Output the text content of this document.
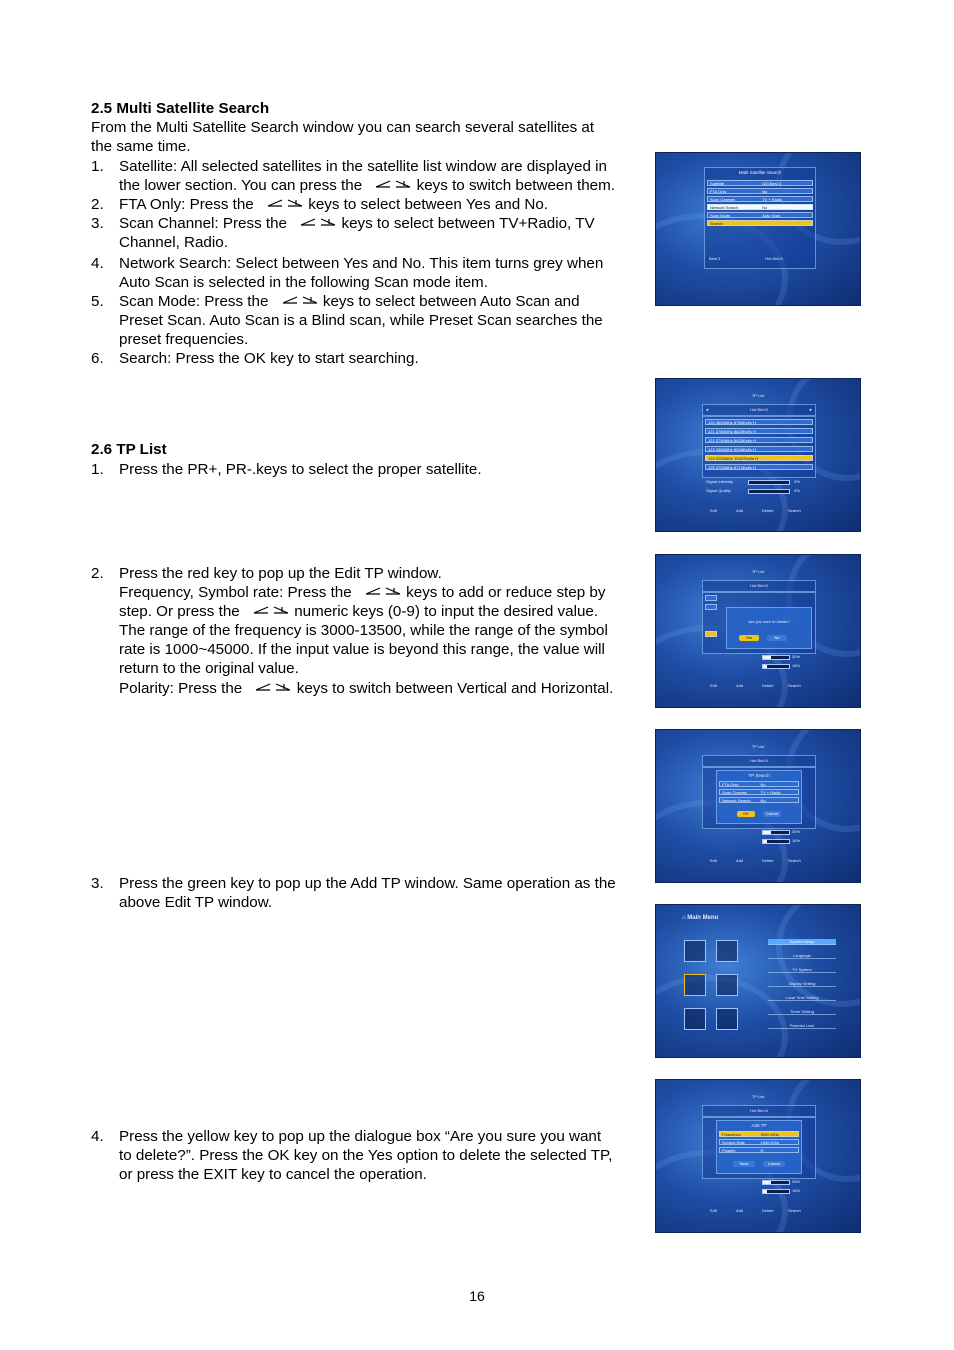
2.5 Multi Satellite Search
From the Multi Satellite Search window you can search several satellites at
the same time.
1. Satellite: All selected satellites in the satellite list window are displayed in
the lower section. You can press the	keys to switch between them.
2. FTA Only: Press the	keys to select between Yes and No.
3. Scan Channel: Press the	keys to select between TV+Radio, TV
Channel, Radio.
4. Network Search: Select between Yes and No. This item turns grey when
Auto Scan is selected in the following Scan mode item.
5. Scan Mode: Press the	keys to select between Auto Scan and
Preset Scan. Auto Scan is a Blind scan, while Preset Scan searches the
preset frequencies.
6. Search: Press the OK key to start searching.
2.6 TP List
1. Press the PR+, PR-.keys to select the proper satellite.
2. Press the red key to pop up the Edit TP window.
Frequency, Symbol rate: Press the	keys to add or reduce step by
step. Or press the	numeric keys (0-9) to input the desired value.
The range of the frequency is 3000-13500, while the range of the symbol
rate is 1000~45000. If the input value is beyond this range, the value will
return to the original value.
Polarity: Press the	keys to switch between Vertical and Horizontal.
3. Press the green key to pop up the Add TP window. Same operation as the
above Edit TP window.
4. Press the yellow key to pop up the dialogue box “Are you sure you want
to delete?”. Press the OK key on the Yes option to delete the selected TP,
or press the EXIT key to cancel the operation.
Multi Satellite Search
Satellite	[10] Best 3
FTA Only	No
Scan Channel	TV + Radio
Network Search	No
Scan Mode	Auto Scan
Search
Best 3	Hot Bird 6
TP List
◄	Hot Bird 6	►
120 3690MHz 8780Ksf/s H
121 3780MHz 8820Ksf/s H
122 3790MHz 5633Ksf/s H
123 3980MHz 6538Ksf/s H
124 3750MHz 10407Ksf/s H
125 3720MHz 5713Ksf/s H
Signal Intensity	0%
Signal Quality	0%
Edit	Add	Delete	Search
TP List
Hot Bird 6
Are you sure to delete?
Yes	No
30%
16%
Edit	Add	Delete	Search
TP List
Hot Bird 6
TP Search
FTA Only	No
Scan Channel	TV + Radio
Network Search	No
OK	Cancel
30%
16%
Edit	Add	Delete	Search
⌂ Main Menu
System Setup
Language
TV System
Display Setting
Local Time Setting
Timer Setting
Parental Lock
TP List
Hot Bird 6
Add TP
Frequency	3000 MHz
Symbol Rate	1000 KS/s
Polarity	H
Save	Cancel
30%
16%
Edit	Add	Delete	Search
16
